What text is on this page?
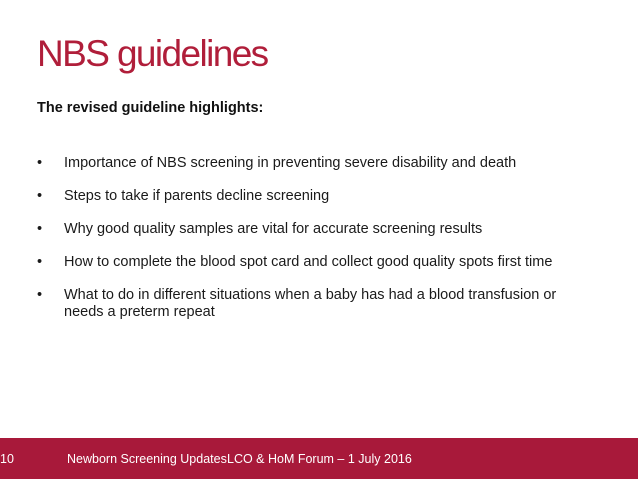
NBS guidelines

The revised guideline highlights:

• Importance of NBS screening in preventing severe disability and death
• Steps to take if parents decline screening
• Why good quality samples are vital for accurate screening results
• How to complete the blood spot card and collect good quality spots first time
• What to do in different situations when a baby has had a blood transfusion or needs a preterm repeat
10	Newborn Screening Updates LCO & HoM Forum – 1 July 2016
